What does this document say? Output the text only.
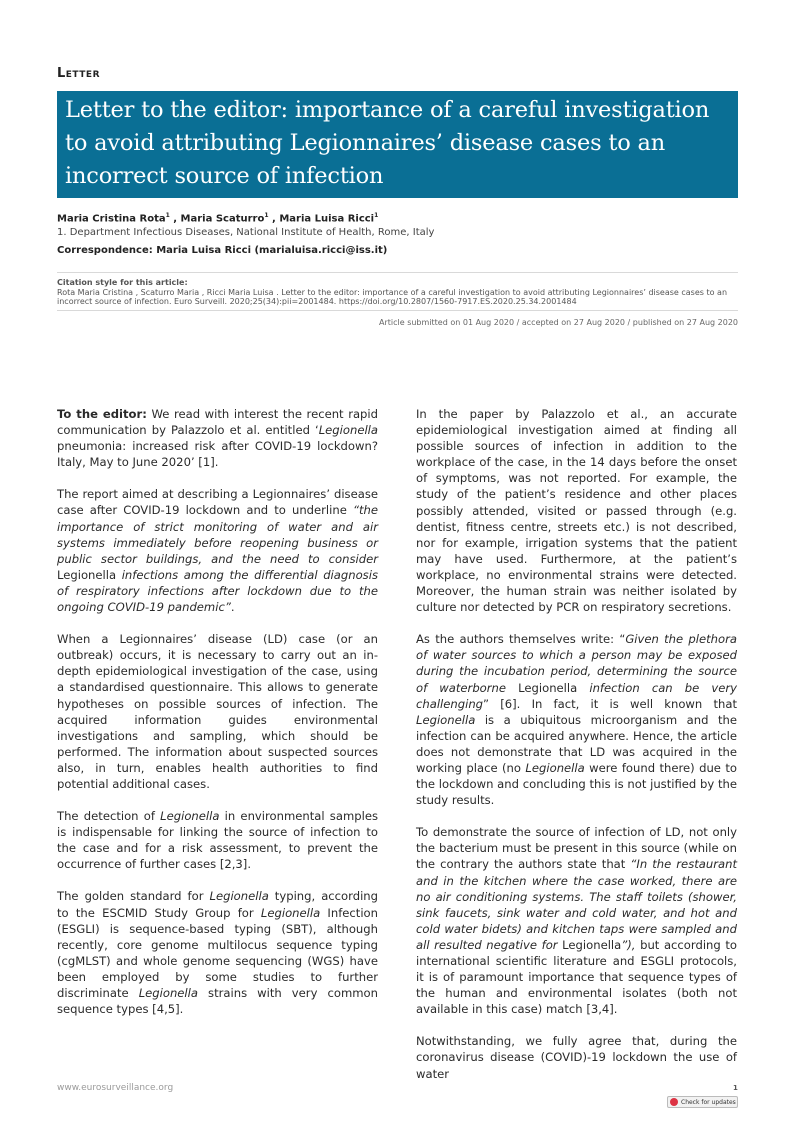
Letter
Letter to the editor: importance of a careful investigation to avoid attributing Legionnaires’ disease cases to an incorrect source of infection
Maria Cristina Rota$^1$ , Maria Scaturro$^1$ , Maria Luisa Ricci$^1$
1. Department Infectious Diseases, National Institute of Health, Rome, Italy
Correspondence: Maria Luisa Ricci (marialuisa.ricci@iss.it)
Citation style for this article:
Rota Maria Cristina , Scaturro Maria , Ricci Maria Luisa . Letter to the editor: importance of a careful investigation to avoid attributing Legionnaires’ disease cases to an incorrect source of infection. Euro Surveill. 2020;25(34):pii=2001484. https://doi.org/10.2807/1560-7917.ES.2020.25.34.2001484
Article submitted on 01 Aug 2020 / accepted on 27 Aug 2020 / published on 27 Aug 2020

To the editor: We read with interest the recent rapid communication by Palazzolo et al. entitled ‘Legionella pneumonia: increased risk after COVID-19 lockdown? Italy, May to June 2020’ [1].

The report aimed at describing a Legionnaires’ disease case after COVID-19 lockdown and to underline “the importance of strict monitoring of water and air systems immediately before reopening business or public sector buildings, and the need to consider Legionella infections among the differential diagnosis of respiratory infections after lockdown due to the ongoing COVID-19 pandemic”.

When a Legionnaires’ disease (LD) case (or an outbreak) occurs, it is necessary to carry out an in-depth epidemiological investigation of the case, using a standardised questionnaire. This allows to generate hypotheses on possible sources of infection. The acquired information guides environmental investigations and sampling, which should be performed. The information about suspected sources also, in turn, enables health authorities to find potential additional cases.

The detection of Legionella in environmental samples is indispensable for linking the source of infection to the case and for a risk assessment, to prevent the occurrence of further cases [2,3].

The golden standard for Legionella typing, according to the ESCMID Study Group for Legionella Infection (ESGLI) is sequence-based typing (SBT), although recently, core genome multilocus sequence typing (cgMLST) and whole genome sequencing (WGS) have been employed by some studies to further discriminate Legionella strains with very common sequence types [4,5].

In the paper by Palazzolo et al., an accurate epidemiological investigation aimed at finding all possible sources of infection in addition to the workplace of the case, in the 14 days before the onset of symptoms, was not reported. For example, the study of the patient’s residence and other places possibly attended, visited or passed through (e.g. dentist, fitness centre, streets etc.) is not described, nor for example, irrigation systems that the patient may have used. Furthermore, at the patient’s workplace, no environmental strains were detected. Moreover, the human strain was neither isolated by culture nor detected by PCR on respiratory secretions.

As the authors themselves write: “Given the plethora of water sources to which a person may be exposed during the incubation period, determining the source of waterborne Legionella infection can be very challenging” [6]. In fact, it is well known that Legionella is a ubiquitous microorganism and the infection can be acquired anywhere. Hence, the article does not demonstrate that LD was acquired in the working place (no Legionella were found there) due to the lockdown and concluding this is not justified by the study results.

To demonstrate the source of infection of LD, not only the bacterium must be present in this source (while on the contrary the authors state that “In the restaurant and in the kitchen where the case worked, there are no air conditioning systems. The staff toilets (shower, sink faucets, sink water and cold water, and hot and cold water bidets) and kitchen taps were sampled and all resulted negative for Legionella”), but according to international scientific literature and ESGLI protocols, it is of paramount importance that sequence types of the human and environmental isolates (both not available in this case) match [3,4].

Notwithstanding, we fully agree that, during the coronavirus disease (COVID)-19 lockdown the use of water

www.eurosurveillance.org	1
Check for updates
